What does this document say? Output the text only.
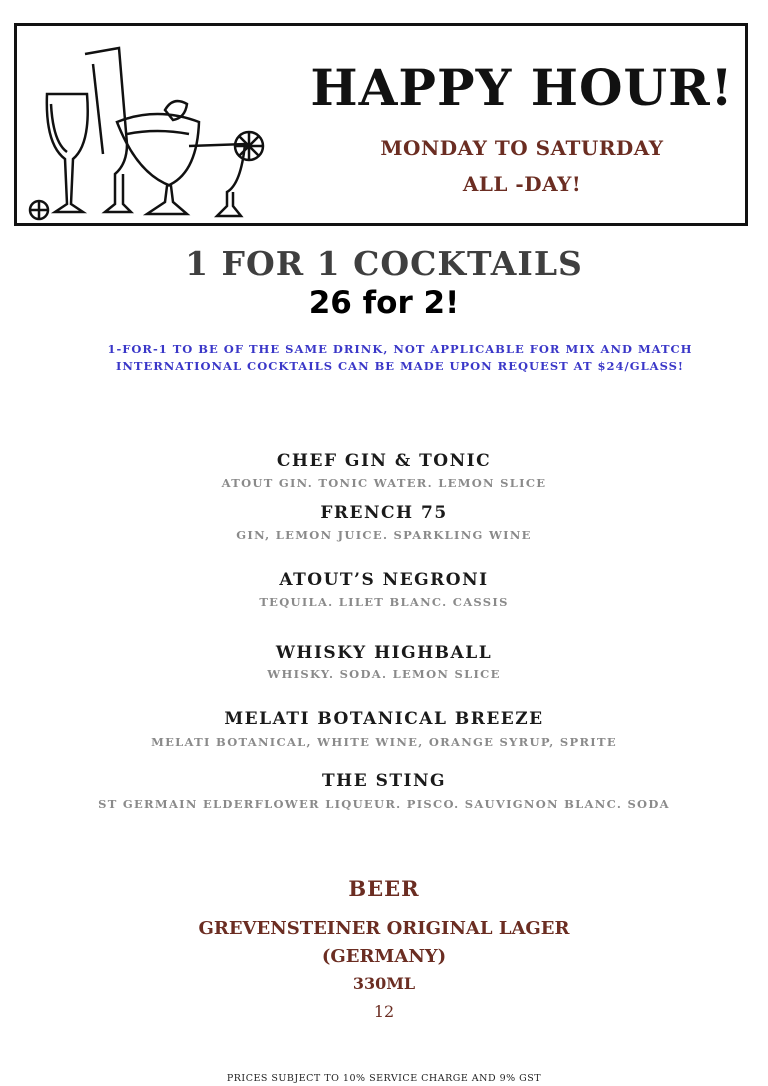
HAPPY HOUR!
MONDAY TO SATURDAY
ALL -DAY!
1 FOR 1 COCKTAILS
26 for 2!
1-FOR-1 TO BE OF THE SAME DRINK, NOT APPLICABLE FOR MIX AND MATCH
INTERNATIONAL COCKTAILS CAN BE MADE UPON REQUEST AT $24/GLASS!
CHEF GIN & TONIC
ATOUT GIN. TONIC WATER. LEMON SLICE
FRENCH 75
GIN, LEMON JUICE. SPARKLING WINE
ATOUT’S NEGRONI
TEQUILA. LILET BLANC. CASSIS
WHISKY HIGHBALL
WHISKY. SODA. LEMON SLICE
MELATI BOTANICAL BREEZE
MELATI BOTANICAL, WHITE WINE, ORANGE SYRUP, SPRITE
THE STING
ST GERMAIN ELDERFLOWER LIQUEUR. PISCO. SAUVIGNON BLANC. SODA
BEER
GREVENSTEINER ORIGINAL LAGER
(GERMANY)
330ML
12
PRICES SUBJECT TO 10% SERVICE CHARGE AND 9% GST
